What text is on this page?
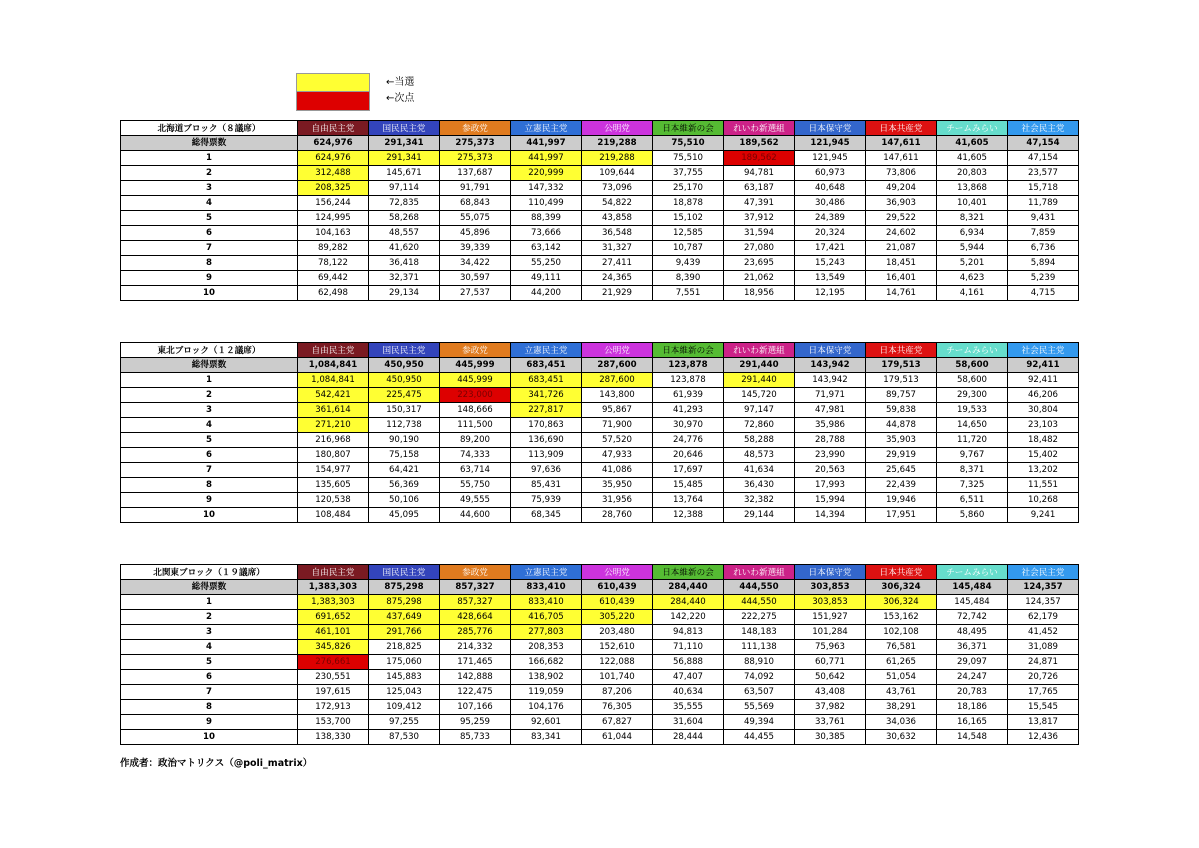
←当選
←次点
北海道ブロック（８議席）	自由民主党	国民民主党	参政党	立憲民主党	公明党	日本維新の会	れいわ新選組	日本保守党	日本共産党	チームみらい	社会民主党
総得票数	624,976	291,341	275,373	441,997	219,288	75,510	189,562	121,945	147,611	41,605	47,154
1	624,976	291,341	275,373	441,997	219,288	75,510	189,562	121,945	147,611	41,605	47,154
2	312,488	145,671	137,687	220,999	109,644	37,755	94,781	60,973	73,806	20,803	23,577
3	208,325	97,114	91,791	147,332	73,096	25,170	63,187	40,648	49,204	13,868	15,718
4	156,244	72,835	68,843	110,499	54,822	18,878	47,391	30,486	36,903	10,401	11,789
5	124,995	58,268	55,075	88,399	43,858	15,102	37,912	24,389	29,522	8,321	9,431
6	104,163	48,557	45,896	73,666	36,548	12,585	31,594	20,324	24,602	6,934	7,859
7	89,282	41,620	39,339	63,142	31,327	10,787	27,080	17,421	21,087	5,944	6,736
8	78,122	36,418	34,422	55,250	27,411	9,439	23,695	15,243	18,451	5,201	5,894
9	69,442	32,371	30,597	49,111	24,365	8,390	21,062	13,549	16,401	4,623	5,239
10	62,498	29,134	27,537	44,200	21,929	7,551	18,956	12,195	14,761	4,161	4,715
東北ブロック（１２議席）	自由民主党	国民民主党	参政党	立憲民主党	公明党	日本維新の会	れいわ新選組	日本保守党	日本共産党	チームみらい	社会民主党
総得票数	1,084,841	450,950	445,999	683,451	287,600	123,878	291,440	143,942	179,513	58,600	92,411
1	1,084,841	450,950	445,999	683,451	287,600	123,878	291,440	143,942	179,513	58,600	92,411
2	542,421	225,475	223,000	341,726	143,800	61,939	145,720	71,971	89,757	29,300	46,206
3	361,614	150,317	148,666	227,817	95,867	41,293	97,147	47,981	59,838	19,533	30,804
4	271,210	112,738	111,500	170,863	71,900	30,970	72,860	35,986	44,878	14,650	23,103
5	216,968	90,190	89,200	136,690	57,520	24,776	58,288	28,788	35,903	11,720	18,482
6	180,807	75,158	74,333	113,909	47,933	20,646	48,573	23,990	29,919	9,767	15,402
7	154,977	64,421	63,714	97,636	41,086	17,697	41,634	20,563	25,645	8,371	13,202
8	135,605	56,369	55,750	85,431	35,950	15,485	36,430	17,993	22,439	7,325	11,551
9	120,538	50,106	49,555	75,939	31,956	13,764	32,382	15,994	19,946	6,511	10,268
10	108,484	45,095	44,600	68,345	28,760	12,388	29,144	14,394	17,951	5,860	9,241
北関東ブロック（１９議席）	自由民主党	国民民主党	参政党	立憲民主党	公明党	日本維新の会	れいわ新選組	日本保守党	日本共産党	チームみらい	社会民主党
総得票数	1,383,303	875,298	857,327	833,410	610,439	284,440	444,550	303,853	306,324	145,484	124,357
1	1,383,303	875,298	857,327	833,410	610,439	284,440	444,550	303,853	306,324	145,484	124,357
2	691,652	437,649	428,664	416,705	305,220	142,220	222,275	151,927	153,162	72,742	62,179
3	461,101	291,766	285,776	277,803	203,480	94,813	148,183	101,284	102,108	48,495	41,452
4	345,826	218,825	214,332	208,353	152,610	71,110	111,138	75,963	76,581	36,371	31,089
5	276,661	175,060	171,465	166,682	122,088	56,888	88,910	60,771	61,265	29,097	24,871
6	230,551	145,883	142,888	138,902	101,740	47,407	74,092	50,642	51,054	24,247	20,726
7	197,615	125,043	122,475	119,059	87,206	40,634	63,507	43,408	43,761	20,783	17,765
8	172,913	109,412	107,166	104,176	76,305	35,555	55,569	37,982	38,291	18,186	15,545
9	153,700	97,255	95,259	92,601	67,827	31,604	49,394	33,761	34,036	16,165	13,817
10	138,330	87,530	85,733	83,341	61,044	28,444	44,455	30,385	30,632	14,548	12,436
作成者：政治マトリクス（@poli_matrix）
